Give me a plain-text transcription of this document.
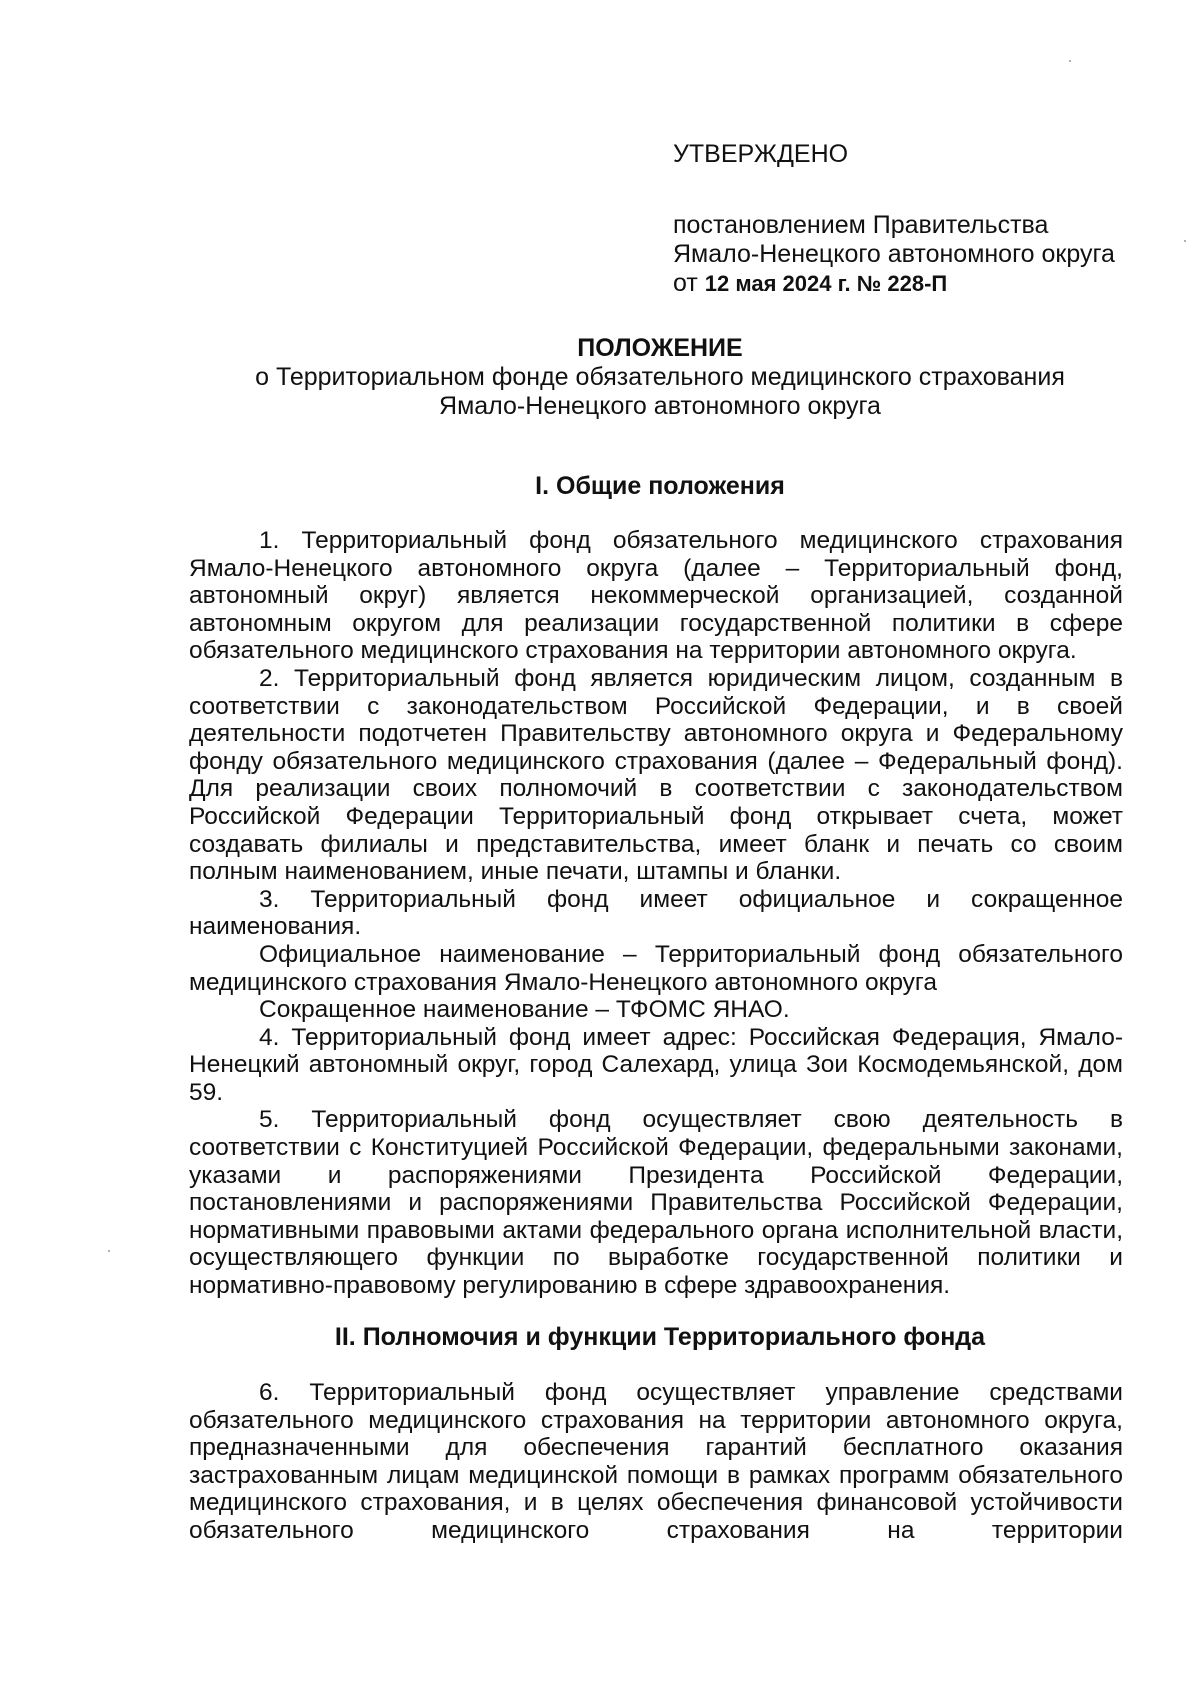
УТВЕРЖДЕНО
постановлением Правительства
Ямало-Ненецкого автономного округа
от 12 мая 2024 г. № 228-П
ПОЛОЖЕНИЕ
о Территориальном фонде обязательного медицинского страхования
Ямало-Ненецкого автономного округа
I. Общие положения

1. Территориальный фонд обязательного медицинского страхования Ямало-Ненецкого автономного округа (далее – Территориальный фонд, автономный округ) является некоммерческой организацией, созданной автономным округом для реализации государственной политики в сфере обязательного медицинского страхования на территории автономного округа.

2. Территориальный фонд является юридическим лицом, созданным в соответствии с законодательством Российской Федерации, и в своей деятельности подотчетен Правительству автономного округа и Федеральному фонду обязательного медицинского страхования (далее – Федеральный фонд). Для реализации своих полномочий в соответствии с законодательством Российской Федерации Территориальный фонд открывает счета, может создавать филиалы и представительства, имеет бланк и печать со своим полным наименованием, иные печати, штампы и бланки.

3. Территориальный фонд имеет официальное и сокращенное наименования.

Официальное наименование – Территориальный фонд обязательного медицинского страхования Ямало-Ненецкого автономного округа

Сокращенное наименование – ТФОМС ЯНАО.

4. Территориальный фонд имеет адрес: Российская Федерация, Ямало-Ненецкий автономный округ, город Салехард, улица Зои Космодемьянской, дом 59.

5. Территориальный фонд осуществляет свою деятельность в соответствии с Конституцией Российской Федерации, федеральными законами, указами и распоряжениями Президента Российской Федерации, постановлениями и распоряжениями Правительства Российской Федерации, нормативными правовыми актами федерального органа исполнительной власти, осуществляющего функции по выработке государственной политики и нормативно-правовому регулированию в сфере здравоохранения.

II. Полномочия и функции Территориального фонда

6. Территориальный фонд осуществляет управление средствами обязательного медицинского страхования на территории автономного округа, предназначенными для обеспечения гарантий бесплатного оказания застрахованным лицам медицинской помощи в рамках программ обязательного медицинского страхования, и в целях обеспечения финансовой устойчивости обязательного медицинского страхования на территории
